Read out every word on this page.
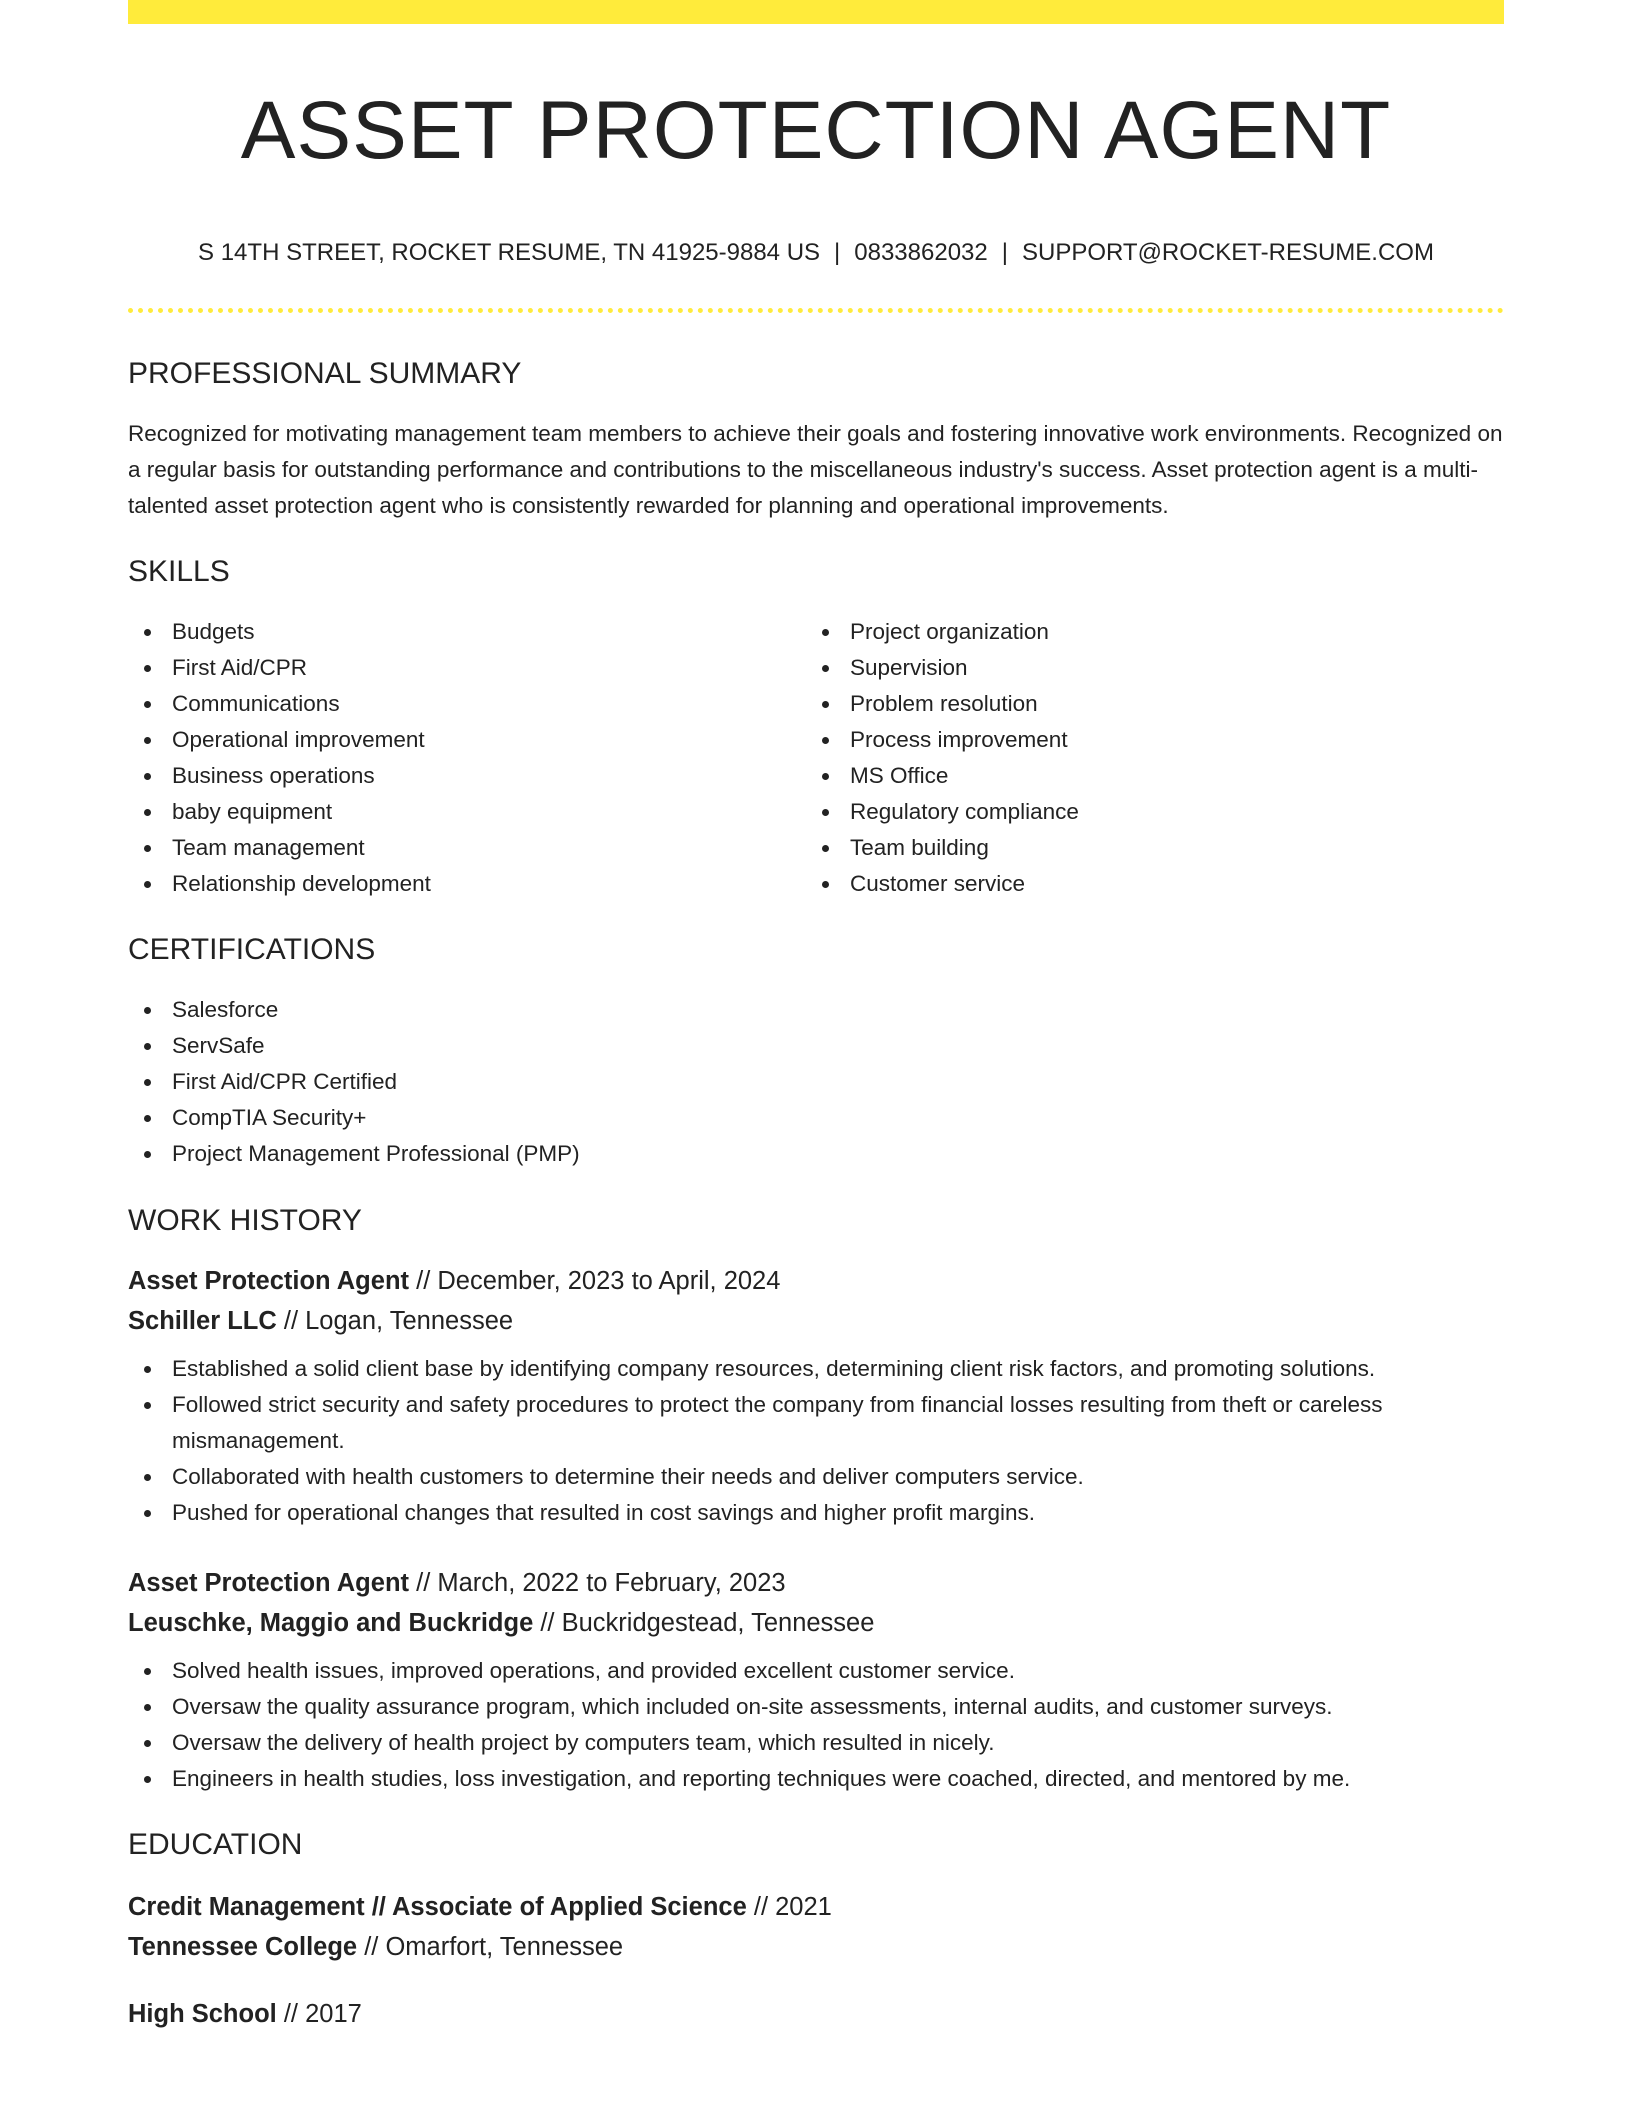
ASSET PROTECTION AGENT
S 14TH STREET, ROCKET RESUME, TN 41925-9884 US | 0833862032 | SUPPORT@ROCKET-RESUME.COM
PROFESSIONAL SUMMARY

Recognized for motivating management team members to achieve their goals and fostering innovative work environments. Recognized on a regular basis for outstanding performance and contributions to the miscellaneous industry's success. Asset protection agent is a multi-talented asset protection agent who is consistently rewarded for planning and operational improvements.

SKILLS
Budgets
First Aid/CPR
Communications
Operational improvement
Business operations
baby equipment
Team management
Relationship development
Project organization
Supervision
Problem resolution
Process improvement
MS Office
Regulatory compliance
Team building
Customer service
CERTIFICATIONS
Salesforce
ServSafe
First Aid/CPR Certified
CompTIA Security+
Project Management Professional (PMP)
WORK HISTORY
Asset Protection Agent // December, 2023 to April, 2024
Schiller LLC // Logan, Tennessee
Established a solid client base by identifying company resources, determining client risk factors, and promoting solutions.
Followed strict security and safety procedures to protect the company from financial losses resulting from theft or careless mismanagement.
Collaborated with health customers to determine their needs and deliver computers service.
Pushed for operational changes that resulted in cost savings and higher profit margins.
Asset Protection Agent // March, 2022 to February, 2023
Leuschke, Maggio and Buckridge // Buckridgestead, Tennessee
Solved health issues, improved operations, and provided excellent customer service.
Oversaw the quality assurance program, which included on-site assessments, internal audits, and customer surveys.
Oversaw the delivery of health project by computers team, which resulted in nicely.
Engineers in health studies, loss investigation, and reporting techniques were coached, directed, and mentored by me.
EDUCATION
Credit Management // Associate of Applied Science // 2021
Tennessee College // Omarfort, Tennessee
High School // 2017
